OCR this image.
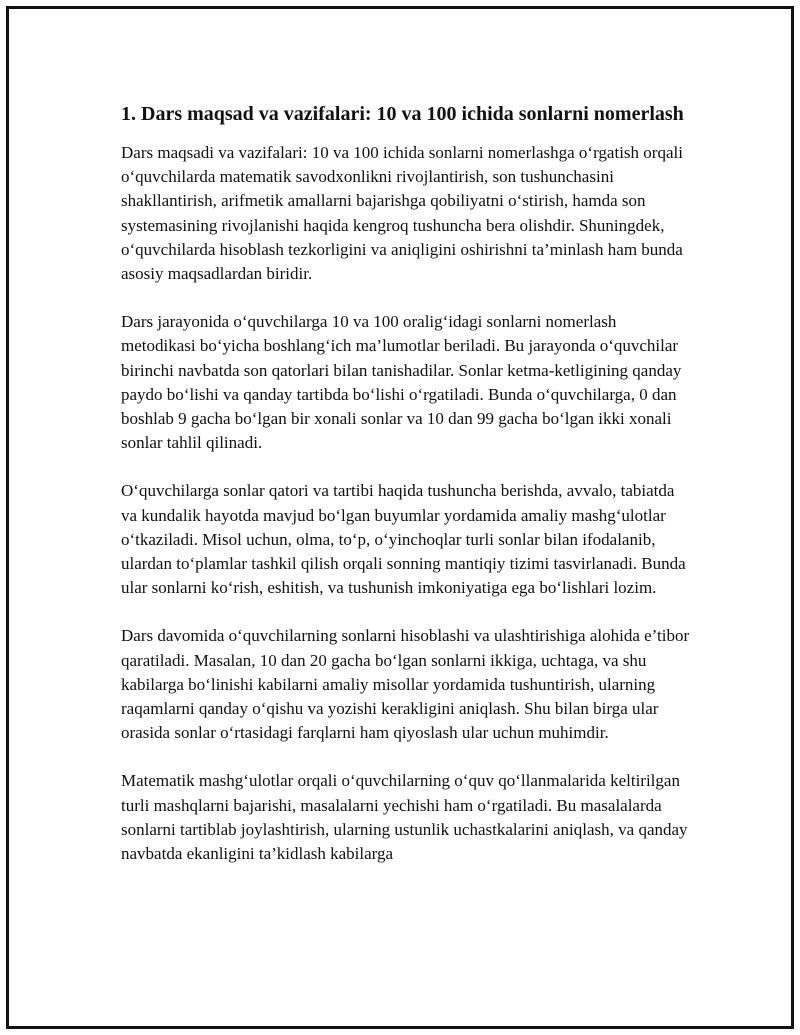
1. Dars maqsad va vazifalari: 10 va 100 ichida sonlarni nomerlash

Dars maqsadi va vazifalari: 10 va 100 ichida sonlarni nomerlashga o‘rgatish orqali o‘quvchilarda matematik savodxonlikni rivojlantirish, son tushunchasini shakllantirish, arifmetik amallarni bajarishga qobiliyatni o‘stirish, hamda son systemasining rivojlanishi haqida kengroq tushuncha bera olishdir. Shuningdek, o‘quvchilarda hisoblash tezkorligini va aniqligini oshirishni ta’minlash ham bunda asosiy maqsadlardan biridir.

Dars jarayonida o‘quvchilarga 10 va 100 oralig‘idagi sonlarni nomerlash metodikasi bo‘yicha boshlang‘ich ma’lumotlar beriladi. Bu jarayonda o‘quvchilar birinchi navbatda son qatorlari bilan tanishadilar. Sonlar ketma-ketligining qanday paydo bo‘lishi va qanday tartibda bo‘lishi o‘rgatiladi. Bunda o‘quvchilarga, 0 dan boshlab 9 gacha bo‘lgan bir xonali sonlar va 10 dan 99 gacha bo‘lgan ikki xonali sonlar tahlil qilinadi.

O‘quvchilarga sonlar qatori va tartibi haqida tushuncha berishda, avvalo, tabiatda va kundalik hayotda mavjud bo‘lgan buyumlar yordamida amaliy mashg‘ulotlar o‘tkaziladi. Misol uchun, olma, to‘p, o‘yinchoqlar turli sonlar bilan ifodalanib, ulardan to‘plamlar tashkil qilish orqali sonning mantiqiy tizimi tasvirlanadi. Bunda ular sonlarni ko‘rish, eshitish, va tushunish imkoniyatiga ega bo‘lishlari lozim.

Dars davomida o‘quvchilarning sonlarni hisoblashi va ulashtirishiga alohida e’tibor qaratiladi. Masalan, 10 dan 20 gacha bo‘lgan sonlarni ikkiga, uchtaga, va shu kabilarga bo‘linishi kabilarni amaliy misollar yordamida tushuntirish, ularning raqamlarni qanday o‘qishu va yozishi kerakligini aniqlash. Shu bilan birga ular orasida sonlar o‘rtasidagi farqlarni ham qiyoslash ular uchun muhimdir.

Matematik mashg‘ulotlar orqali o‘quvchilarning o‘quv qo‘llanmalarida keltirilgan turli mashqlarni bajarishi, masalalarni yechishi ham o‘rgatiladi. Bu masalalarda sonlarni tartiblab joylashtirish, ularning ustunlik uchastkalarini aniqlash, va qanday navbatda ekanligini ta’kidlash kabilarga
